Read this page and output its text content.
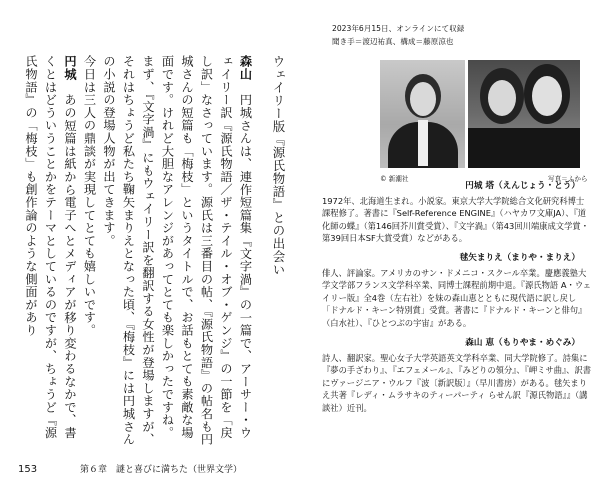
ウェイリー版『源氏物語』との出会い

森山　円城さんは、連作短篇集『文字渦』の一篇で、アーサー・ウェイリー訳『源氏物語／ザ・テイル・オブ・ゲンジ』の一節を「戻し訳」なさっています。源氏は三番目の帖、『源氏物語』の帖名も円城さんの短篇も「梅枝」というタイトルで、お話もとても素敵な場面です。けれど大胆なアレンジがあってとても楽しかったですね。まず、『文字渦』にもウェイリー訳を翻訳する女性が登場しますが、それはちょうど私たち鞠矢まりえとなった頃、『梅枝』には円城さんの小説の登場人物が出てきます。

今日は三人の鼎談が実現してとても嬉しいです。

円城　あの短篇は紙から電子へとメディアが移り変わるなかで、書くとはどういうことかをテーマとしているのですが、ちょうど『源氏物語』の「梅枝」も創作論のような側面があり

153	第６章　謎と喜びに満ちた（世界文学）
2023年6月15日、オンラインにて収録
聞き手＝渡辺祐真、構成＝藤原涼也
© 新潮社	写真＝ふから
円城 塔（えんじょう・とう）

1972年、北海道生まれ。小説家。東京大学大学院総合文化研究科博士課程修了。著書に『Self-Reference ENGINE』（ハヤカワ文庫JA）、『道化師の蝶』（第146回芥川賞受賞）、『文字渦』（第43回川端康成文学賞・第39回日本SF大賞受賞）などがある。

毬矢まりえ（まりや・まりえ）

俳人、評論家。アメリカのサン・ドメニコ・スクール卒業。慶應義塾大学文学部フランス文学科卒業、同博士課程前期中退。『源氏物語 A・ウェイリー版』全4巻（左右社）を妹の森山恵とともに現代語に訳し戻し「ドナルド・キーン特別賞」受賞。著書に『ドナルド・キーンと俳句』（白水社）、『ひとつぶの宇宙』がある。

森山 恵（もりやま・めぐみ）

詩人、翻訳家。聖心女子大学英語英文学科卒業、同大学院修了。詩集に『夢の手ざわり』、『エフェメール』、『みどりの領分』、『岬ミサ曲』、訳書にヴァージニア・ウルフ『波〔新訳版〕』（早川書房）がある。毬矢まりえ共著『レディ・ムラサキのティーパーティ らせん訳『源氏物語』』（講談社）近刊。
